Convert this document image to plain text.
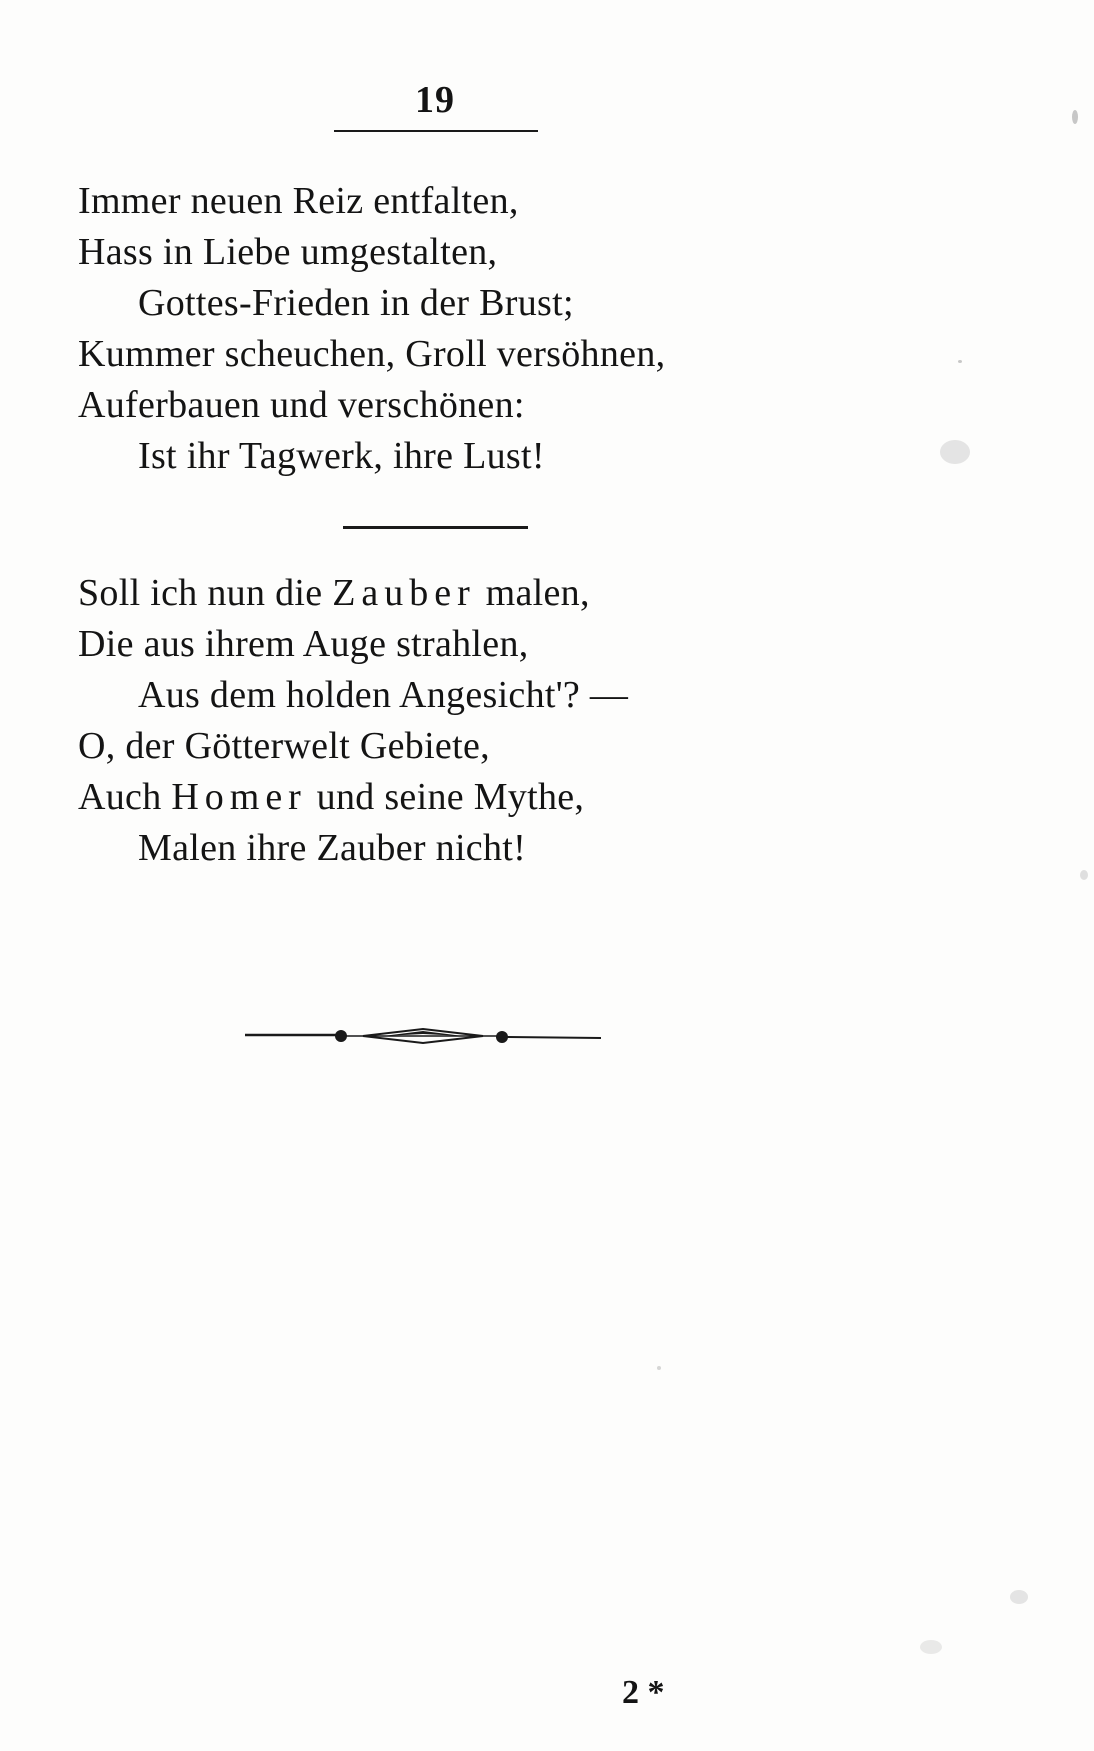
19
Immer neuen Reiz entfalten,
Hass in Liebe umgestalten,
Gottes-Frieden in der Brust;
Kummer scheuchen, Groll versöhnen,
Auferbauen und verschönen:
Ist ihr Tagwerk, ihre Lust!
Soll ich nun die Zauber malen,
Die aus ihrem Auge strahlen,
Aus dem holden Angesicht'? —
O, der Götterwelt Gebiete,
Auch Homer und seine Mythe,
Malen ihre Zauber nicht!
2 *
